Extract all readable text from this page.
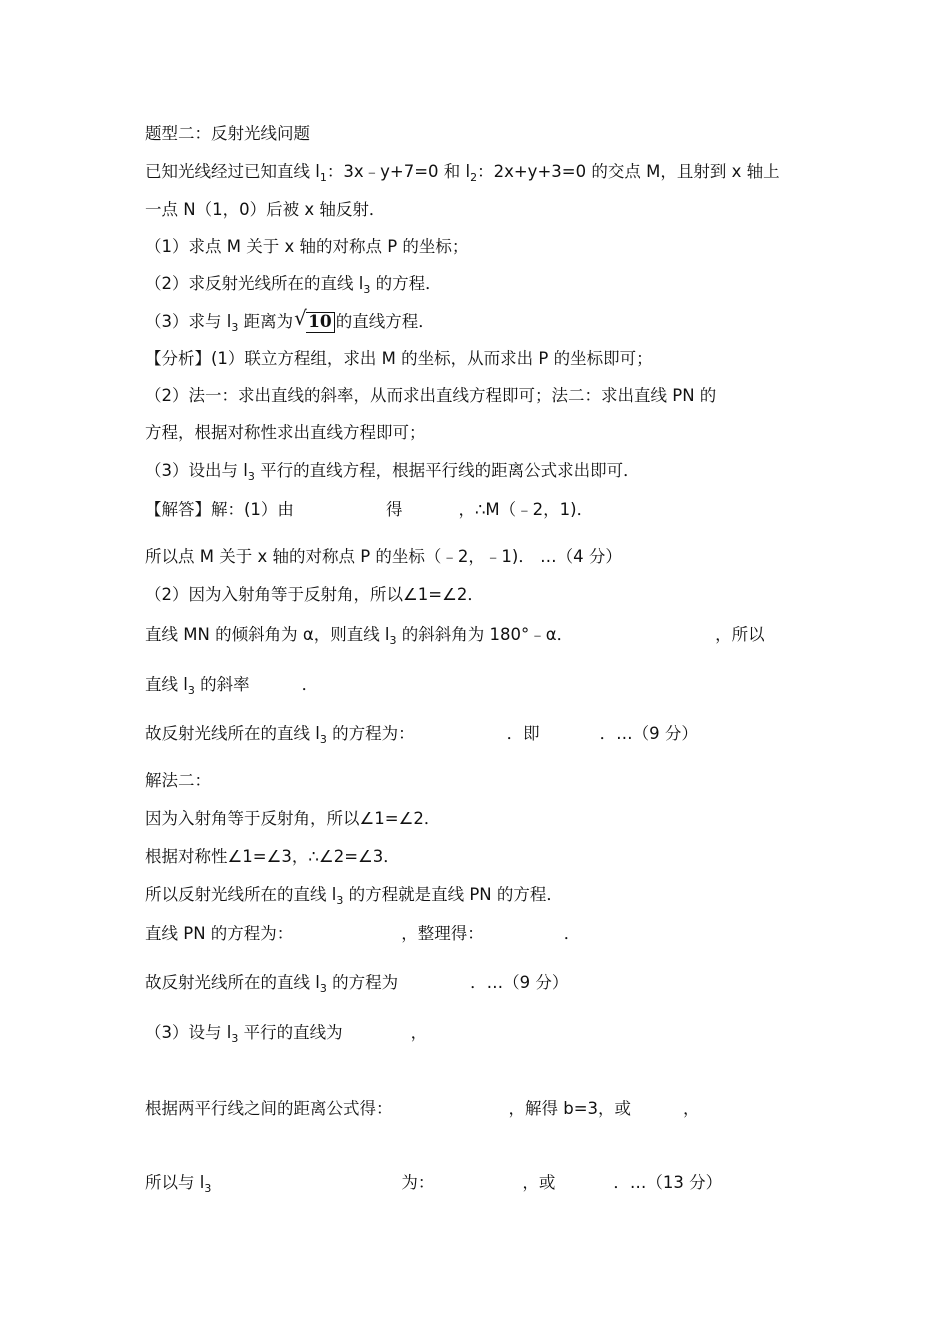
题型二：反射光线问题
已知光线经过已知直线 $l_1$：3x﹣y+7=0 和 $l_2$：2x+y+3=0 的交点 M，且射到 x 轴上
一点 N（1，0）后被 x 轴反射．
（1）求点 M 关于 x 轴的对称点 P 的坐标；
（2）求反射光线所在的直线 $l_3$ 的方程．
（3）求与 $l_3$ 距离为 √ 10 的直线方程．
【分析】(1）联立方程组，求出 M 的坐标，从而求出 P 的坐标即可；
（2）法一：求出直线的斜率，从而求出直线方程即可；法二：求出直线 PN 的
方程，根据对称性求出直线方程即可；
（3）设出与 $l_3$ 平行的直线方程，根据平行线的距离公式求出即可．
【解答】解：(1）由	得	，∴M（﹣2，1)．
所以点 M 关于 x 轴的对称点 P 的坐标（﹣2，﹣1)． …（4 分）
（2）因为入射角等于反射角，所以∠1=∠2．
直线 MN 的倾斜角为 α，则直线 $l_3$ 的斜斜角为 180°﹣α．	，所以
直线 $l_3$ 的斜率	．
故反射光线所在的直线 $l_3$ 的方程为：	．即	．…（9 分）
解法二：
因为入射角等于反射角，所以∠1=∠2．
根据对称性∠1=∠3，∴∠2=∠3．
所以反射光线所在的直线 $l_3$ 的方程就是直线 PN 的方程．
直线 PN 的方程为：	，整理得：	．
故反射光线所在的直线 $l_3$ 的方程为	．…（9 分）
（3）设与 $l_3$ 平行的直线为	，
根据两平行线之间的距离公式得：	，解得 b=3，或	，
所以与 $l_3$	为：	，或	．…（13 分）
